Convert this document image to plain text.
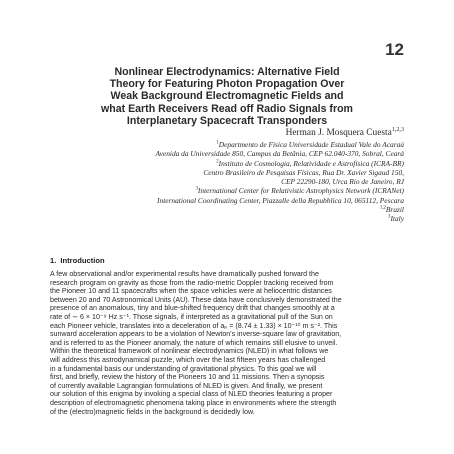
12
Nonlinear Electrodynamics: Alternative Field
Theory for Featuring Photon Propagation Over
Weak Background Electromagnetic Fields and
what Earth Receivers Read off Radio Signals from
Interplanetary Spacecraft Transponders
Herman J. Mosquera Cuesta$^{1,2,3}$
$^1$Departmento de Física Universidade Estadual Vale do Acaraú
Avenida da Universidade 850, Campus da Betânia, CEP 62.040-370, Sobral, Ceará
$^2$Instituto de Cosmologia, Relatividade e Astrofísica (ICRA-BR)
Centro Brasileiro de Pesquisas Físicas, Rua Dr. Xavier Sigaud 150,
CEP 22290-180, Urca Rio de Janeiro, RJ
$^3$International Center for Relativistic Astrophysics Network (ICRANet)
International Coordinating Center, Piazzalle della Repubblica 10, 065112, Pescara
$^{1,2}$Brazil
$^3$Italy
1. Introduction
A few observational and/or experimental results have dramatically pushed forward the
research program on gravity as those from the radio-metric Doppler tracking received from
the Pioneer 10 and 11 spacecrafts when the space vehicles were at heliocentric distances
between 20 and 70 Astronomical Units (AU). These data have conclusively demonstrated the
presence of an anomalous, tiny and blue-shifted frequency drift that changes smoothly at a
rate of ∼ 6 × 10⁻⁹ Hz s⁻¹. Those signals, if interpreted as a gravitational pull of the Sun on
each Pioneer vehicle, translates into a deceleration of aₚ = (8.74 ± 1.33) × 10⁻¹⁰ m s⁻². This
sunward acceleration appears to be a violation of Newton's inverse-square law of gravitation,
and is referred to as the Pioneer anomaly, the nature of which remains still elusive to unveil.
Within the theoretical framework of nonlinear electrodynamics (NLED) in what follows we
will address this astrodynamical puzzle, which over the last fifteen years has challenged
in a fundamental basis our understanding of gravitational physics. To this goal we will
first, and briefly, review the history of the Pioneers 10 and 11 missions. Then a synopsis
of currently available Lagrangian formulations of NLED is given. And finally, we present
our solution of this enigma by invoking a special class of NLED theories featuring a proper
description of electromagnetic phenomena taking place in environments where the strength
of the (electro)magnetic fields in the background is decidedly low.
